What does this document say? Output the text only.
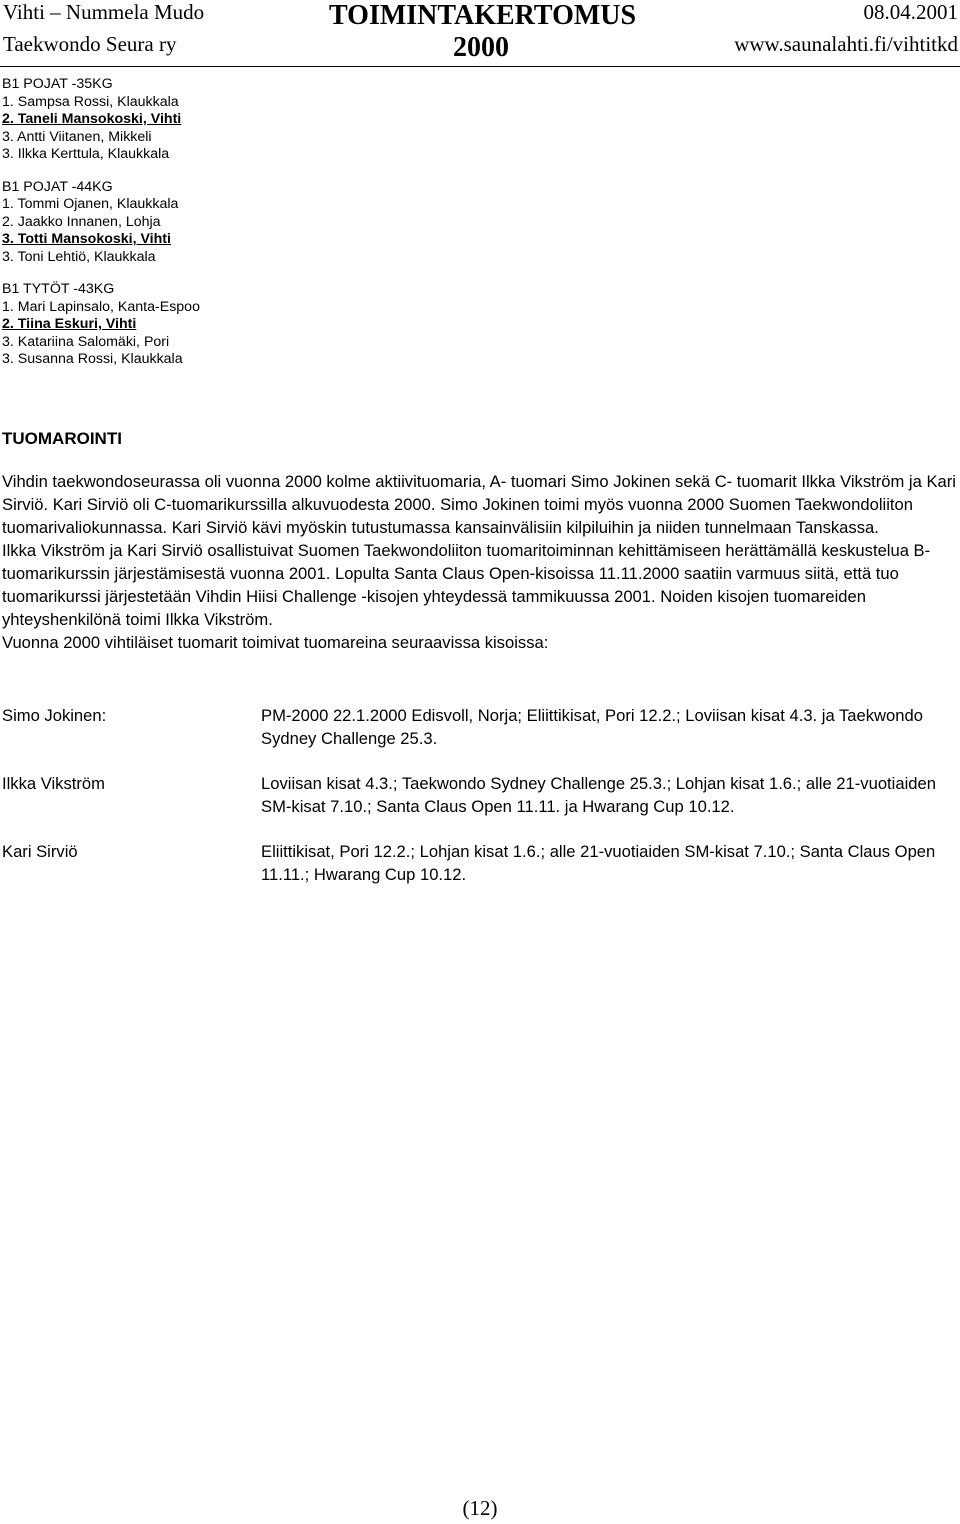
Vihti – Nummela Mudo	TOIMINTAKERTOMUS	08.04.2001
Taekwondo Seura ry	2000	www.saunalahti.fi/vihtitkd
B1 POJAT -35KG
1. Sampsa Rossi, Klaukkala
2. Taneli Mansokoski, Vihti
3. Antti Viitanen, Mikkeli
3. Ilkka Kerttula, Klaukkala
B1 POJAT -44KG
1. Tommi Ojanen, Klaukkala
2. Jaakko Innanen, Lohja
3. Totti Mansokoski, Vihti
3. Toni Lehtiö, Klaukkala
B1 TYTÖT -43KG
1. Mari Lapinsalo, Kanta-Espoo
2. Tiina Eskuri, Vihti
3. Katariina Salomäki, Pori
3. Susanna Rossi, Klaukkala
TUOMAROINTI

Vihdin taekwondoseurassa oli vuonna 2000 kolme aktiivituomaria, A- tuomari Simo Jokinen sekä C- tuomarit Ilkka Vikström ja Kari Sirviö. Kari Sirviö oli C-tuomarikurssilla alkuvuodesta 2000. Simo Jokinen toimi myös vuonna 2000 Suomen Taekwondoliiton tuomarivaliokunnassa. Kari Sirviö kävi myöskin tutustumassa kansainvälisiin kilpiluihin ja niiden tunnelmaan Tanskassa.

Ilkka Vikström ja Kari Sirviö osallistuivat Suomen Taekwondoliiton tuomaritoiminnan kehittämiseen herättämällä keskustelua B-tuomarikurssin järjestämisestä vuonna 2001. Lopulta Santa Claus Open-kisoissa 11.11.2000 saatiin varmuus siitä, että tuo tuomarikurssi järjestetään Vihdin Hiisi Challenge -kisojen yhteydessä tammikuussa 2001. Noiden kisojen tuomareiden yhteyshenkilönä toimi Ilkka Vikström.

Vuonna 2000 vihtiläiset tuomarit toimivat tuomareina seuraavissa kisoissa:

Simo Jokinen:	PM-2000 22.1.2000 Edisvoll, Norja; Eliittikisat, Pori 12.2.; Loviisan kisat 4.3. ja Taekwondo Sydney Challenge 25.3.
Ilkka Vikström	Loviisan kisat 4.3.; Taekwondo Sydney Challenge 25.3.; Lohjan kisat 1.6.; alle 21-vuotiaiden SM-kisat 7.10.; Santa Claus Open 11.11. ja Hwarang Cup 10.12.
Kari Sirviö	Eliittikisat, Pori 12.2.; Lohjan kisat 1.6.; alle 21-vuotiaiden SM-kisat 7.10.; Santa Claus Open 11.11.; Hwarang Cup 10.12.
(12)
